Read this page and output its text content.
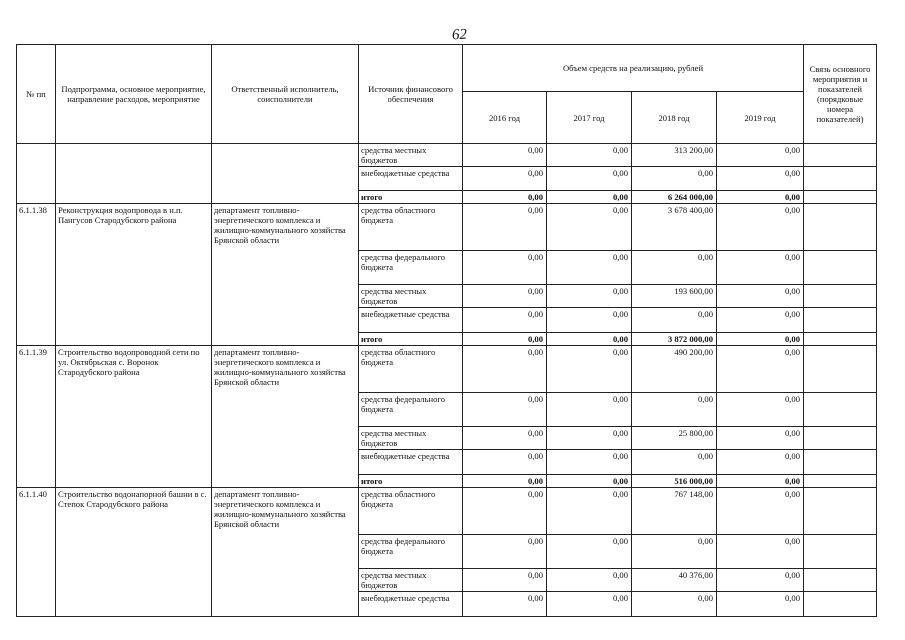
62
№ пп	Подпрограмма, основное мероприятие, направление расходов, мероприятие	Ответственный исполнитель, соисполнители	Источник финансового обеспечения	Объем средств на реализацию, рублей				Связь основного мероприятия и показателей (порядковые номера показателей)
				2016 год	2017 год	2018 год	2019 год	
			средства местных бюджетов	0,00	0,00	313 200,00	0,00	
			внебюджетные средства	0,00	0,00	0,00	0,00	
			итого	0,00	0,00	6 264 000,00	0,00	
6.1.1.38	Реконструкция водопровода в н.п. Пангусов Стародубского района	департамент топливно-энергетического комплекса и жилищно-коммунального хозяйства Брянской области	средства областного бюджета	0,00	0,00	3 678 400,00	0,00	
			средства федерального бюджета	0,00	0,00	0,00	0,00	
			средства местных бюджетов	0,00	0,00	193 600,00	0,00	
			внебюджетные средства	0,00	0,00	0,00	0,00	
			итого	0,00	0,00	3 872 000,00	0,00	
6.1.1.39	Строительство водопроводной сети по ул. Октябрьская с. Воронок Стародубского района	департамент топливно-энергетического комплекса и жилищно-коммунального хозяйства Брянской области	средства областного бюджета	0,00	0,00	490 200,00	0,00	
			средства федерального бюджета	0,00	0,00	0,00	0,00	
			средства местных бюджетов	0,00	0,00	25 800,00	0,00	
			внебюджетные средства	0,00	0,00	0,00	0,00	
			итого	0,00	0,00	516 000,00	0,00	
6.1.1.40	Строительство водонапорной башни в с. Степок Стародубского района	департамент топливно-энергетического комплекса и жилищно-коммунального хозяйства Брянской области	средства областного бюджета	0,00	0,00	767 148,00	0,00	
			средства федерального бюджета	0,00	0,00	0,00	0,00	
			средства местных бюджетов	0,00	0,00	40 376,00	0,00	
			внебюджетные средства	0,00	0,00	0,00	0,00	
